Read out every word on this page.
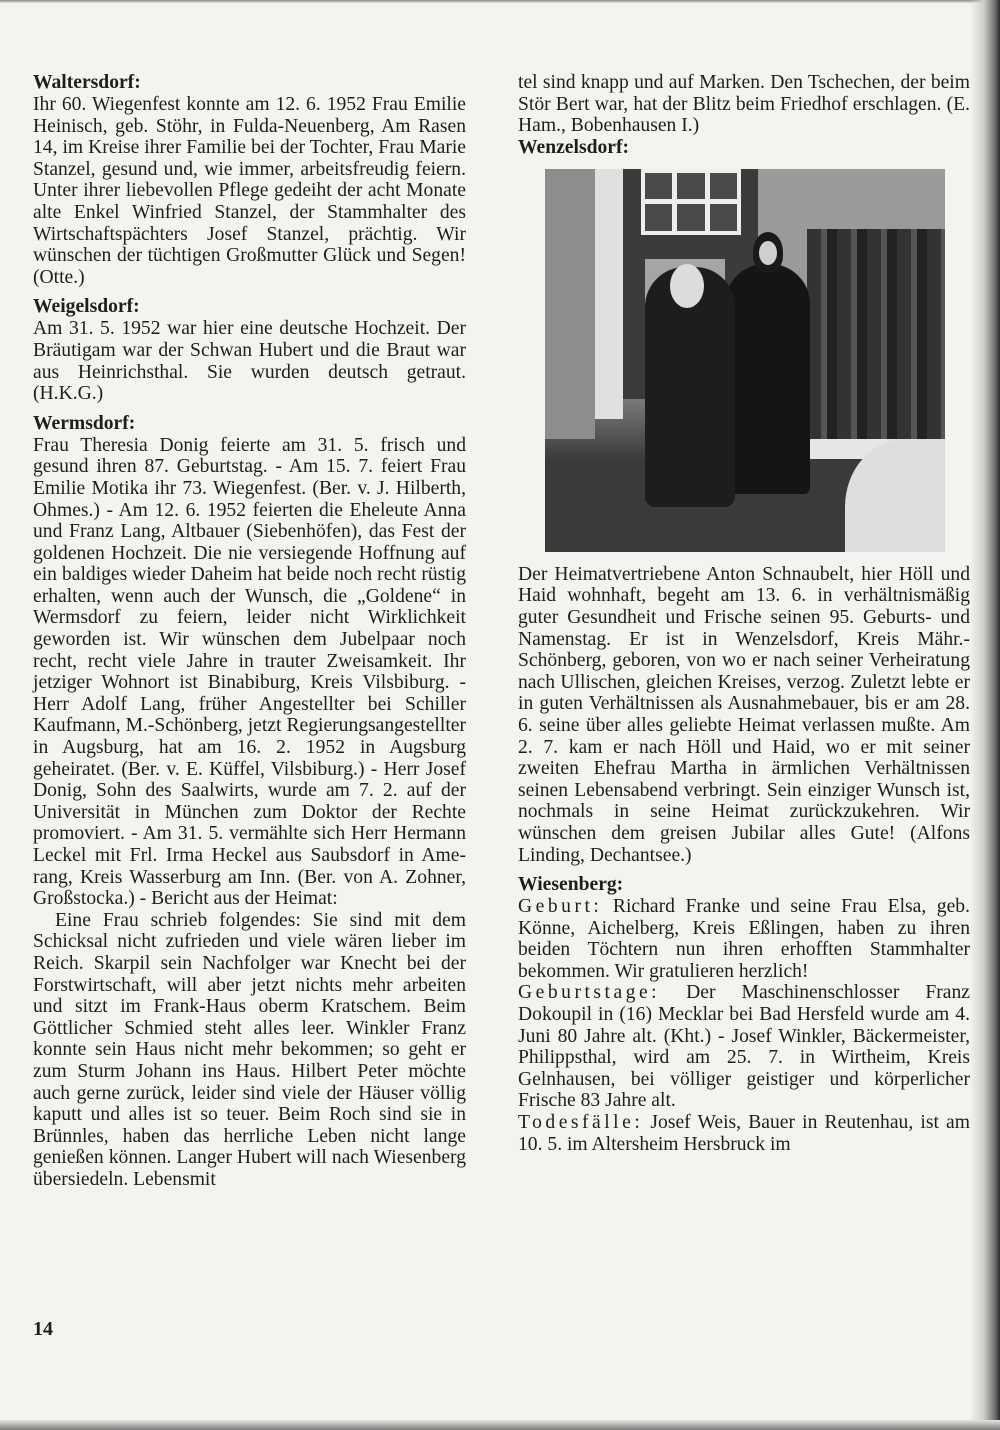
Waltersdorf:

Ihr 60. Wiegenfest konnte am 12. 6. 1952 Frau Emilie Heinisch, geb. Stöhr, in Fulda-Neuenberg, Am Rasen 14, im Kreise ihrer Familie bei der Tochter, Frau Marie Stanzel, gesund und, wie immer, arbeitsfreudig feiern. Unter ihrer liebevollen Pflege gedeiht der acht Monate alte Enkel Winfried Stanzel, der Stammhalter des Wirtschaftspächters Josef Stanzel, prächtig. Wir wünschen der tüchtigen Großmutter Glück und Segen! (Otte.)

Weigelsdorf:

Am 31. 5. 1952 war hier eine deutsche Hochzeit. Der Bräutigam war der Schwan Hubert und die Braut war aus Heinrichsthal. Sie wurden deutsch getraut. (H.K.G.)

Wermsdorf:

Frau Theresia Donig feierte am 31. 5. frisch und gesund ihren 87. Geburtstag. - Am 15. 7. feiert Frau Emilie Motika ihr 73. Wiegenfest. (Ber. v. J. Hilberth, Ohmes.) - Am 12. 6. 1952 feierten die Eheleute Anna und Franz Lang, Altbauer (Siebenhöfen), das Fest der goldenen Hochzeit. Die nie versiegende Hoffnung auf ein baldiges wieder Daheim hat beide noch recht rüstig erhalten, wenn auch der Wunsch, die „Goldene“ in Wermsdorf zu feiern, leider nicht Wirklichkeit geworden ist. Wir wünschen dem Jubelpaar noch recht, recht viele Jahre in trauter Zweisamkeit. Ihr jetziger Wohnort ist Binabiburg, Kreis Vilsbiburg. - Herr Adolf Lang, früher Angestellter bei Schiller Kaufmann, M.-Schönberg, jetzt Regierungsangestellter in Augsburg, hat am 16. 2. 1952 in Augsburg geheiratet. (Ber. v. E. Küffel, Vilsbiburg.) - Herr Josef Donig, Sohn des Saalwirts, wurde am 7. 2. auf der Universität in München zum Doktor der Rechte promoviert. - Am 31. 5. vermählte sich Herr Hermann Leckel mit Frl. Irma Heckel aus Saubsdorf in Amerang, Kreis Wasserburg am Inn. (Ber. von A. Zohner, Großstocka.) - Bericht aus der Heimat:

Eine Frau schrieb folgendes: Sie sind mit dem Schicksal nicht zufrieden und viele wären lieber im Reich. Skarpil sein Nachfolger war Knecht bei der Forstwirtschaft, will aber jetzt nichts mehr arbeiten und sitzt im Frank-Haus oberm Kratschem. Beim Göttlicher Schmied steht alles leer. Winkler Franz konnte sein Haus nicht mehr bekommen; so geht er zum Sturm Johann ins Haus. Hilbert Peter möchte auch gerne zurück, leider sind viele der Häuser völlig kaputt und alles ist so teuer. Beim Roch sind sie in Brünnles, haben das herrliche Leben nicht lange genießen können. Langer Hubert will nach Wiesenberg übersiedeln. Lebensmit

tel sind knapp und auf Marken. Den Tschechen, der beim Stör Bert war, hat der Blitz beim Friedhof erschlagen. (E. Ham., Bobenhausen I.)

Wenzelsdorf:

Der Heimatvertriebene Anton Schnaubelt, hier Höll und Haid wohnhaft, begeht am 13. 6. in verhältnismäßig guter Gesundheit und Frische seinen 95. Geburts- und Namenstag. Er ist in Wenzelsdorf, Kreis Mähr.-Schönberg, geboren, von wo er nach seiner Verheiratung nach Ullischen, gleichen Kreises, verzog. Zuletzt lebte er in guten Verhältnissen als Ausnahmebauer, bis er am 28. 6. seine über alles geliebte Heimat verlassen mußte. Am 2. 7. kam er nach Höll und Haid, wo er mit seiner zweiten Ehefrau Martha in ärmlichen Verhältnissen seinen Lebensabend verbringt. Sein einziger Wunsch ist, nochmals in seine Heimat zurückzukehren. Wir wünschen dem greisen Jubilar alles Gute! (Alfons Linding, Dechantsee.)

Wiesenberg:

Geburt: Richard Franke und seine Frau Elsa, geb. Könne, Aichelberg, Kreis Eßlingen, haben zu ihren beiden Töchtern nun ihren erhofften Stammhalter bekommen. Wir gratulieren herzlich!

Geburtstage: Der Maschinenschlosser Franz Dokoupil in (16) Mecklar bei Bad Hersfeld wurde am 4. Juni 80 Jahre alt. (Kht.) - Josef Winkler, Bäckermeister, Philippsthal, wird am 25. 7. in Wirtheim, Kreis Gelnhausen, bei völliger geistiger und körperlicher Frische 83 Jahre alt.

Todesfälle: Josef Weis, Bauer in Reutenhau, ist am 10. 5. im Altersheim Hersbruck im

14
